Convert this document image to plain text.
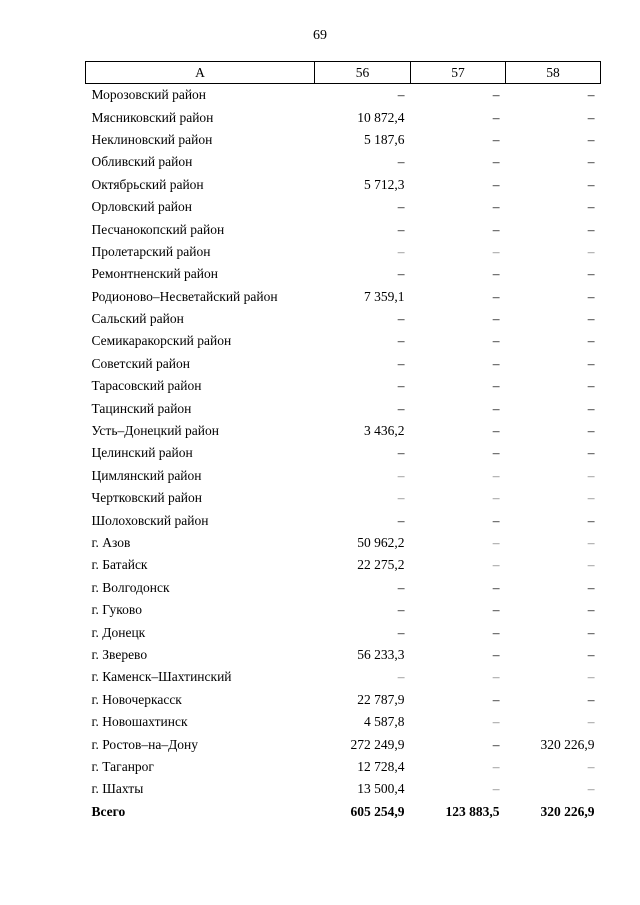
69
А	56	57	58
Морозовский район	–	–	–
Мясниковский район	10 872,4	–	–
Неклиновский район	5 187,6	–	–
Обливский район	–	–	–
Октябрьский район	5 712,3	–	–
Орловский район	–	–	–
Песчанокопский район	–	–	–
Пролетарский район	–	–	–
Ремонтненский район	–	–	–
Родионово–Несветайский район	7 359,1	–	–
Сальский район	–	–	–
Семикаракорский район	–	–	–
Советский район	–	–	–
Тарасовский район	–	–	–
Тацинский район	–	–	–
Усть–Донецкий район	3 436,2	–	–
Целинский район	–	–	–
Цимлянский район	–	–	–
Чертковский район	–	–	–
Шолоховский район	–	–	–
г. Азов	50 962,2	–	–
г. Батайск	22 275,2	–	–
г. Волгодонск	–	–	–
г. Гуково	–	–	–
г. Донецк	–	–	–
г. Зверево	56 233,3	–	–
г. Каменск–Шахтинский	–	–	–
г. Новочеркасск	22 787,9	–	–
г. Новошахтинск	4 587,8	–	–
г. Ростов–на–Дону	272 249,9	–	320 226,9
г. Таганрог	12 728,4	–	–
г. Шахты	13 500,4	–	–
Всего	605 254,9	123 883,5	320 226,9
